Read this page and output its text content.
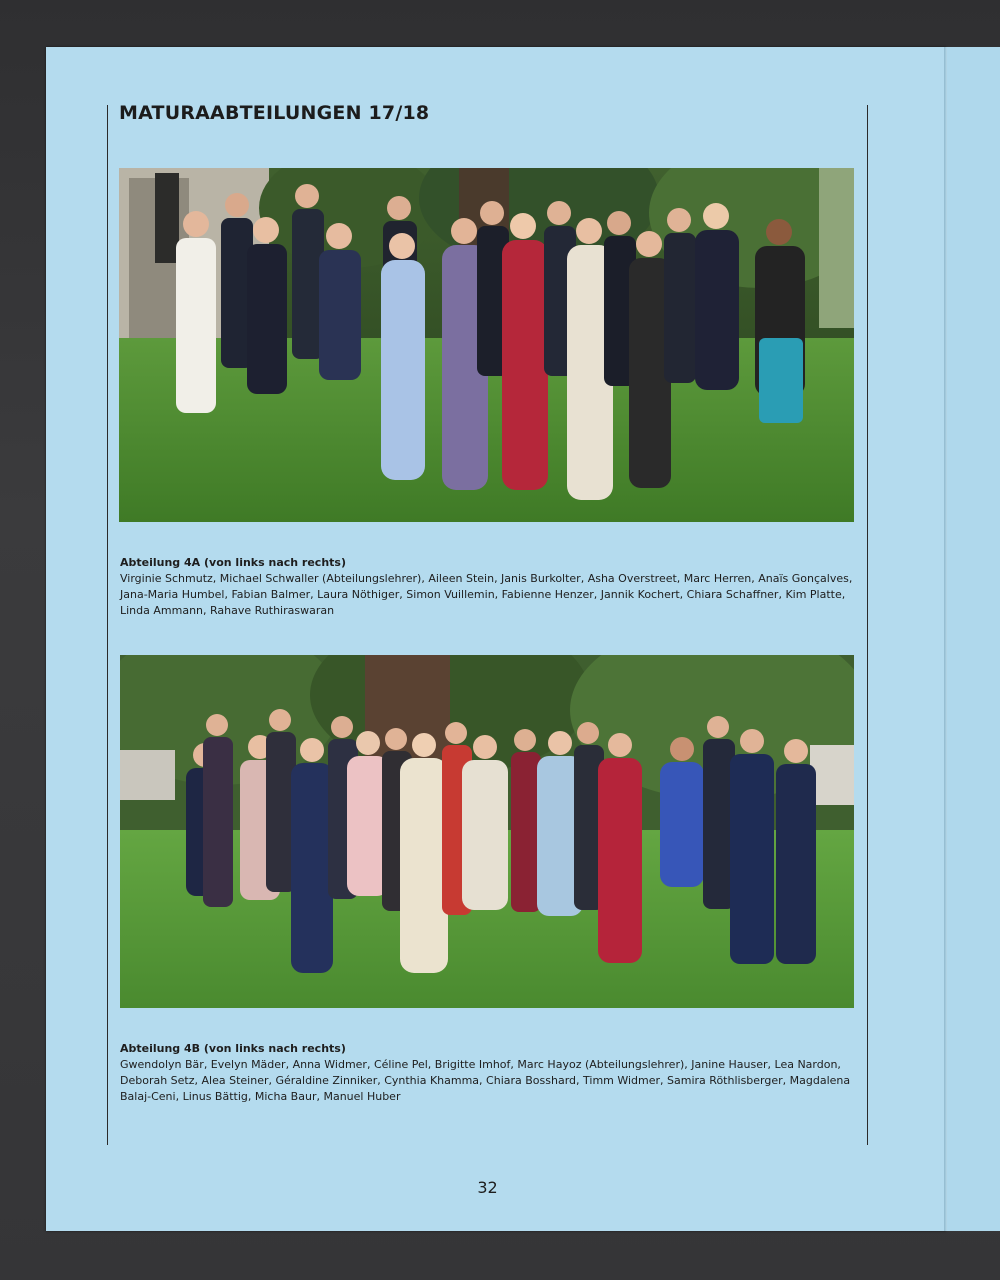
MATURAABTEILUNGEN 17/18
Abteilung 4A (von links nach rechts)
Virginie Schmutz, Michael Schwaller (Abteilungslehrer), Aileen Stein, Janis Burkolter, Asha Overstreet, Marc Herren, Anaïs Gonçalves, Jana-Maria Humbel, Fabian Balmer, Laura Nöthiger, Simon Vuillemin, Fabienne Henzer, Jannik Kochert, Chiara Schaffner, Kim Platte, Linda Ammann, Rahave Ruthiraswaran
Abteilung 4B (von links nach rechts)
Gwendolyn Bär, Evelyn Mäder, Anna Widmer, Céline Pel, Brigitte Imhof, Marc Hayoz (Abteilungslehrer), Janine Hauser, Lea Nardon, Deborah Setz, Alea Steiner, Géraldine Zinniker, Cynthia Khamma, Chiara Bosshard, Timm Widmer, Samira Röthlisberger, Magdalena Balaj-Ceni, Linus Bättig, Micha Baur, Manuel Huber
32
